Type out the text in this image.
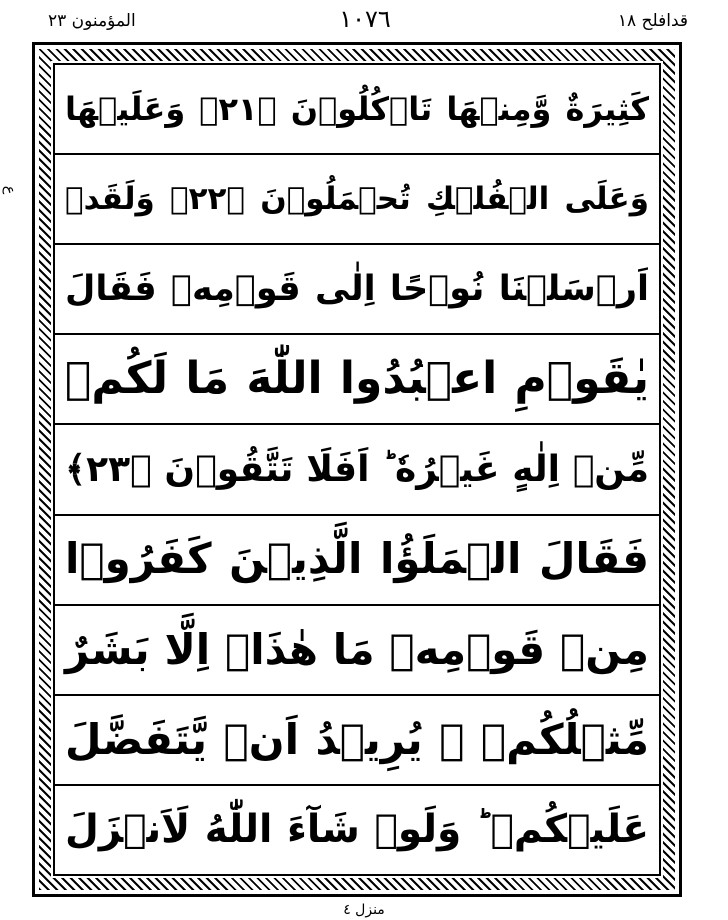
المؤمنون ٢٣	١٠٧٦	قدافلح ١٨
ع
كَثِيرَةٌ وَّمِنۡهَا تَاۡكُلُوۡنَ ﴿٢١﴾ وَعَلَيۡهَا
وَعَلَى الۡفُلۡكِ تُحۡمَلُوۡنَ ﴿٢٢﴾ وَلَقَدۡ
اَرۡسَلۡنَا نُوۡحًا اِلٰى قَوۡمِهٖ فَقَالَ
يٰقَوۡمِ اعۡبُدُوا اللّٰهَ مَا لَكُمۡ
مِّنۡ اِلٰهٍ غَيۡرُهٗ ؕ اَفَلَا تَتَّقُوۡنَ ﴿٢٣﴾
فَقَالَ الۡمَلَؤُا الَّذِيۡنَ كَفَرُوۡا
مِنۡ قَوۡمِهٖ مَا هٰذَاۤ اِلَّا بَشَرٌ
مِّثۡلُكُمۡ ۙ يُرِيۡدُ اَنۡ يَّتَفَضَّلَ
عَلَيۡكُمۡ ؕ وَلَوۡ شَآءَ اللّٰهُ لَاَنۡزَلَ
منزل ٤
